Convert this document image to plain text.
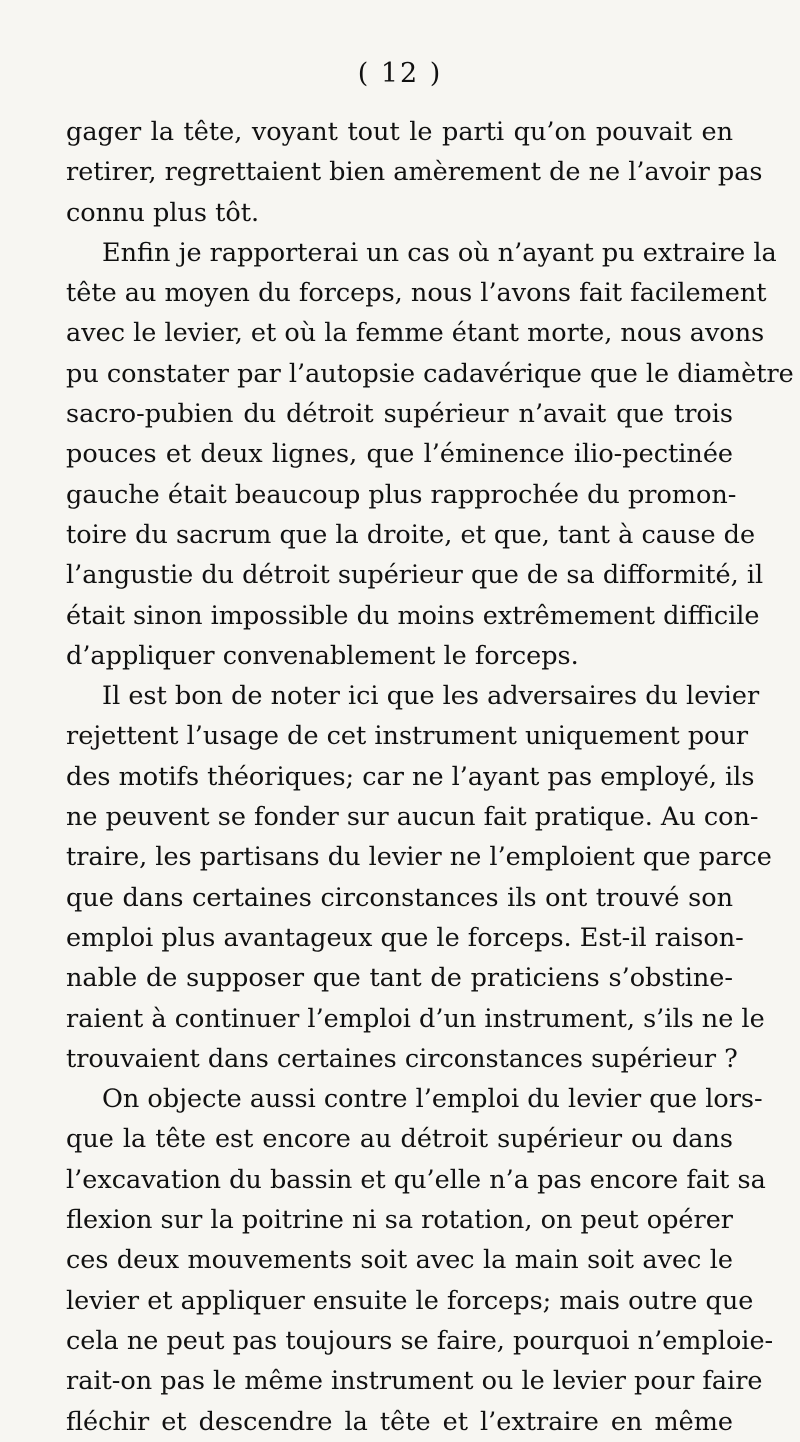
( 12 )
gager la tête, voyant tout le parti qu’on pouvait en
retirer, regrettaient bien amèrement de ne l’avoir pas
connu plus tôt.
Enfin je rapporterai un cas où n’ayant pu extraire la
tête au moyen du forceps, nous l’avons fait facilement
avec le levier, et où la femme étant morte, nous avons
pu constater par l’autopsie cadavérique que le diamètre
sacro-pubien du détroit supérieur n’avait que trois
pouces et deux lignes, que l’éminence ilio-pectinée
gauche était beaucoup plus rapprochée du promon-
toire du sacrum que la droite, et que, tant à cause de
l’angustie du détroit supérieur que de sa difformité, il
était sinon impossible du moins extrêmement difficile
d’appliquer convenablement le forceps.
Il est bon de noter ici que les adversaires du levier
rejettent l’usage de cet instrument uniquement pour
des motifs théoriques; car ne l’ayant pas employé, ils
ne peuvent se fonder sur aucun fait pratique. Au con-
traire, les partisans du levier ne l’emploient que parce
que dans certaines circonstances ils ont trouvé son
emploi plus avantageux que le forceps. Est-il raison-
nable de supposer que tant de praticiens s’obstine-
raient à continuer l’emploi d’un instrument, s’ils ne le
trouvaient dans certaines circonstances supérieur ?
On objecte aussi contre l’emploi du levier que lors-
que la tête est encore au détroit supérieur ou dans
l’excavation du bassin et qu’elle n’a pas encore fait sa
flexion sur la poitrine ni sa rotation, on peut opérer
ces deux mouvements soit avec la main soit avec le
levier et appliquer ensuite le forceps; mais outre que
cela ne peut pas toujours se faire, pourquoi n’emploie-
rait-on pas le même instrument ou le levier pour faire
fléchir et descendre la tête et l’extraire en même
